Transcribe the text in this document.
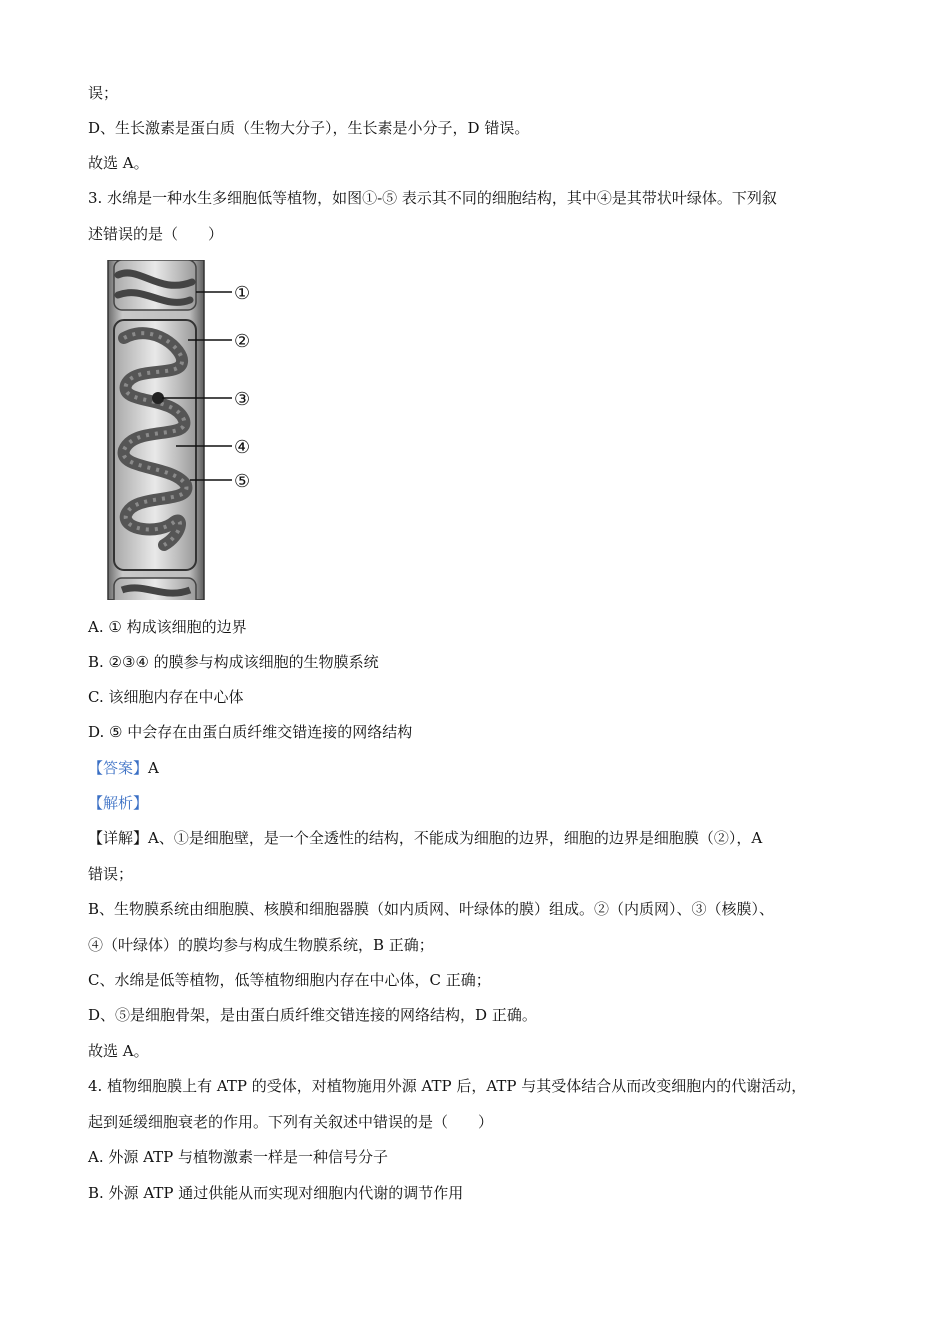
误；

D、生长激素是蛋白质（生物大分子），生长素是小分子，D 错误。

故选 A。

3. 水绵是一种水生多细胞低等植物，如图①-⑤ 表示其不同的细胞结构，其中④是其带状叶绿体。下列叙

述错误的是（　　）

①
②
③
④
⑤

A. ① 构成该细胞的边界

B. ②③④ 的膜参与构成该细胞的生物膜系统

C. 该细胞内存在中心体

D. ⑤ 中会存在由蛋白质纤维交错连接的网络结构

【答案】A

【解析】

【详解】A、①是细胞壁，是一个全透性的结构，不能成为细胞的边界，细胞的边界是细胞膜（②），A

错误；

B、生物膜系统由细胞膜、核膜和细胞器膜（如内质网、叶绿体的膜）组成。②（内质网）、③（核膜）、

④（叶绿体）的膜均参与构成生物膜系统，B 正确；

C、水绵是低等植物，低等植物细胞内存在中心体，C 正确；

D、⑤是细胞骨架，是由蛋白质纤维交错连接的网络结构，D 正确。

故选 A。

4. 植物细胞膜上有 ATP 的受体，对植物施用外源 ATP 后，ATP 与其受体结合从而改变细胞内的代谢活动，

起到延缓细胞衰老的作用。下列有关叙述中错误的是（　　）

A. 外源 ATP 与植物激素一样是一种信号分子

B. 外源 ATP 通过供能从而实现对细胞内代谢的调节作用
